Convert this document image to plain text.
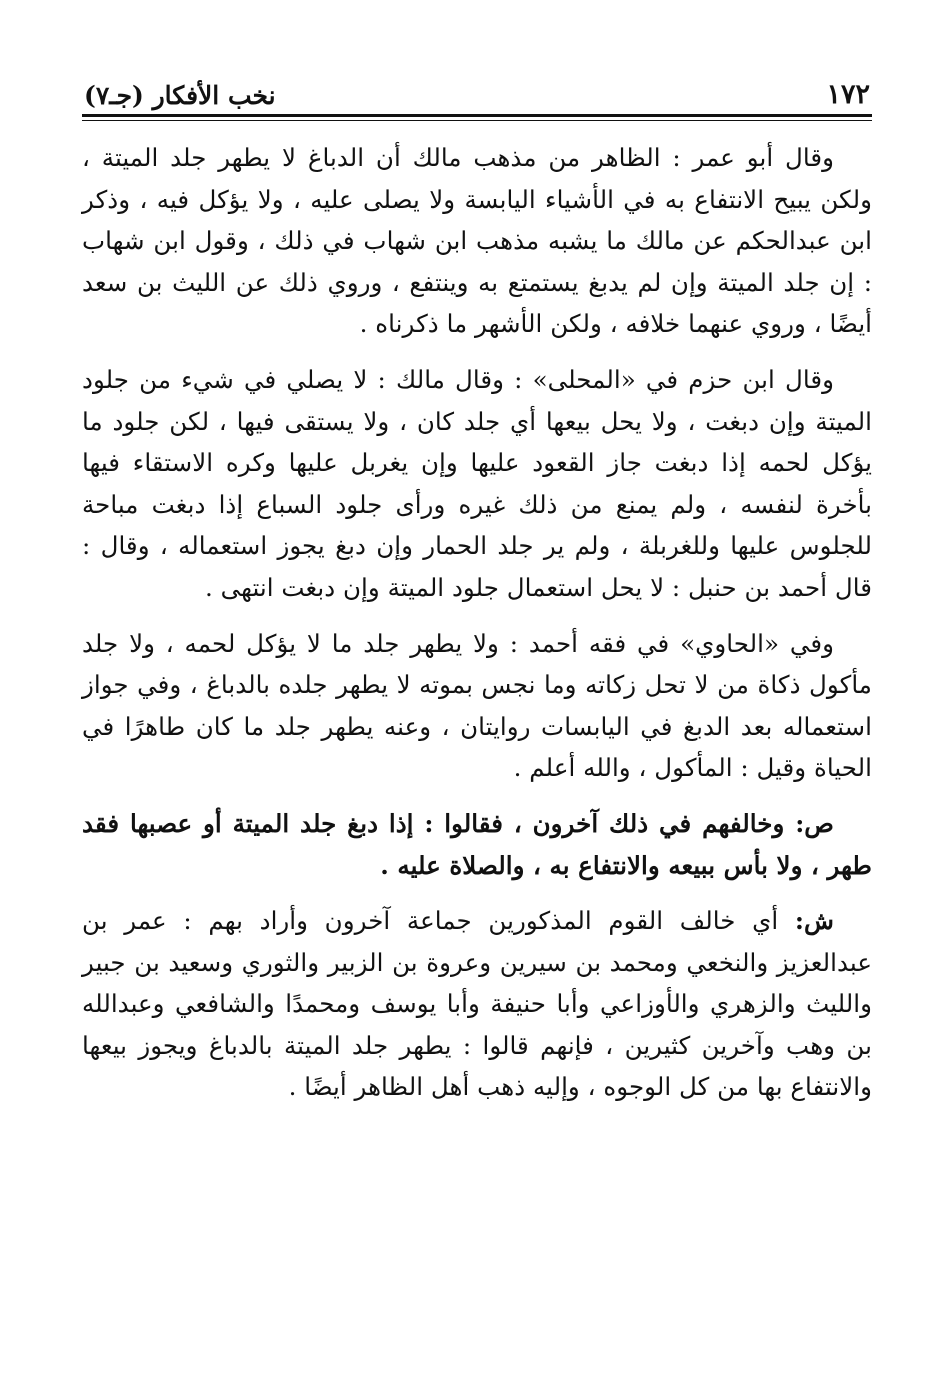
١٧٢
نخب الأفكار (جـ٧)

وقال أبو عمر : الظاهر من مذهب مالك أن الدباغ لا يطهر جلد الميتة ، ولكن يبيح الانتفاع به في الأشياء اليابسة ولا يصلى عليه ، ولا يؤكل فيه ، وذكر ابن عبدالحكم عن مالك ما يشبه مذهب ابن شهاب في ذلك ، وقول ابن شهاب : إن جلد الميتة وإن لم يدبغ يستمتع به وينتفع ، وروي ذلك عن الليث بن سعد أيضًا ، وروي عنهما خلافه ، ولكن الأشهر ما ذكرناه .

وقال ابن حزم في «المحلى» : وقال مالك : لا يصلي في شيء من جلود الميتة وإن دبغت ، ولا يحل بيعها أي جلد كان ، ولا يستقى فيها ، لكن جلود ما يؤكل لحمه إذا دبغت جاز القعود عليها وإن يغربل عليها وكره الاستقاء فيها بأخرة لنفسه ، ولم يمنع من ذلك غيره ورأى جلود السباع إذا دبغت مباحة للجلوس عليها وللغربلة ، ولم ير جلد الحمار وإن دبغ يجوز استعماله ، وقال : قال أحمد بن حنبل : لا يحل استعمال جلود الميتة وإن دبغت انتهى .

وفي «الحاوي» في فقه أحمد : ولا يطهر جلد ما لا يؤكل لحمه ، ولا جلد مأكول ذكاة من لا تحل زكاته وما نجس بموته لا يطهر جلده بالدباغ ، وفي جواز استعماله بعد الدبغ في اليابسات روايتان ، وعنه يطهر جلد ما كان طاهرًا في الحياة وقيل : المأكول ، والله أعلم .

ص: وخالفهم في ذلك آخرون ، فقالوا : إذا دبغ جلد الميتة أو عصبها فقد طهر ، ولا بأس ببيعه والانتفاع به ، والصلاة عليه .

ش: أي خالف القوم المذكورين جماعة آخرون وأراد بهم : عمر بن عبدالعزيز والنخعي ومحمد بن سيرين وعروة بن الزبير والثوري وسعيد بن جبير والليث والزهري والأوزاعي وأبا حنيفة وأبا يوسف ومحمدًا والشافعي وعبدالله بن وهب وآخرين كثيرين ، فإنهم قالوا : يطهر جلد الميتة بالدباغ ويجوز بيعها والانتفاع بها من كل الوجوه ، وإليه ذهب أهل الظاهر أيضًا .
